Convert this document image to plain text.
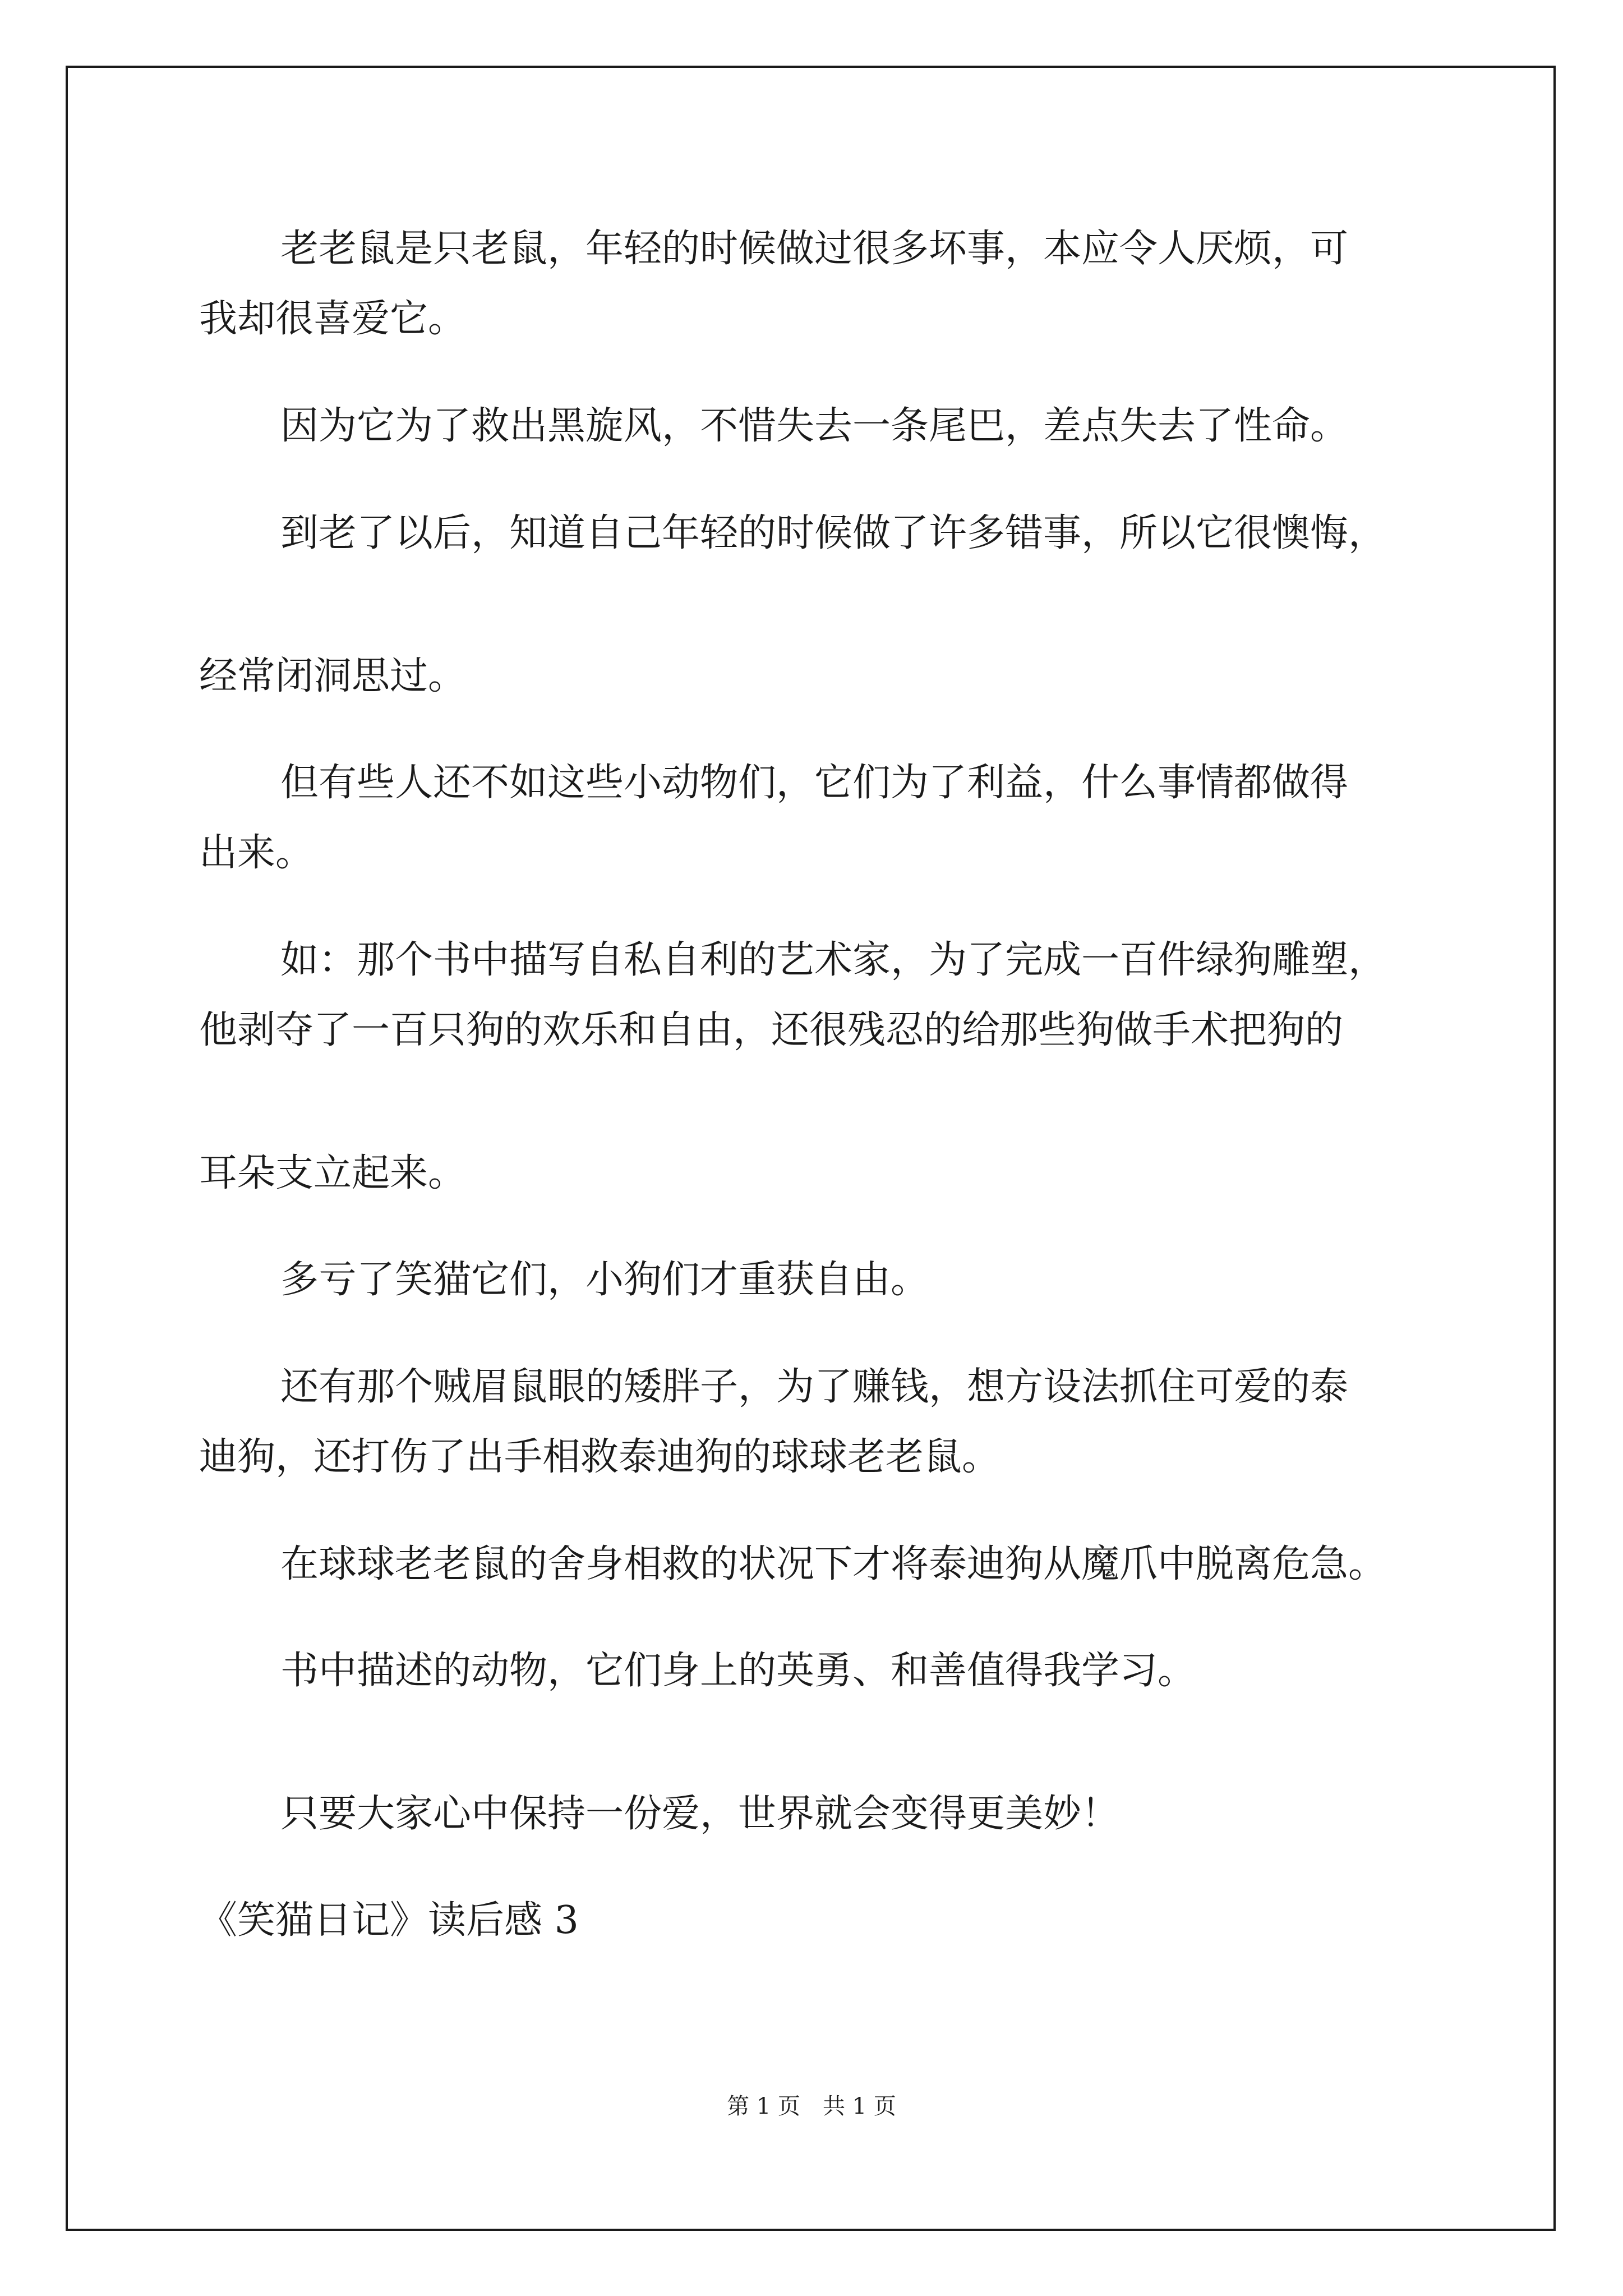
老老鼠是只老鼠，年轻的时候做过很多坏事，本应令人厌烦，可

我却很喜爱它。

因为它为了救出黑旋风，不惜失去一条尾巴，差点失去了性命。

到老了以后，知道自己年轻的时候做了许多错事，所以它很懊悔，

经常闭洞思过。

但有些人还不如这些小动物们，它们为了利益，什么事情都做得

出来。

如：那个书中描写自私自利的艺术家，为了完成一百件绿狗雕塑，

他剥夺了一百只狗的欢乐和自由，还很残忍的给那些狗做手术把狗的

耳朵支立起来。

多亏了笑猫它们，小狗们才重获自由。

还有那个贼眉鼠眼的矮胖子，为了赚钱，想方设法抓住可爱的泰

迪狗，还打伤了出手相救泰迪狗的球球老老鼠。

在球球老老鼠的舍身相救的状况下才将泰迪狗从魔爪中脱离危急。

书中描述的动物，它们身上的英勇、和善值得我学习。

只要大家心中保持一份爱，世界就会变得更美妙！

《笑猫日记》读后感 3

第 1 页　共 1 页
